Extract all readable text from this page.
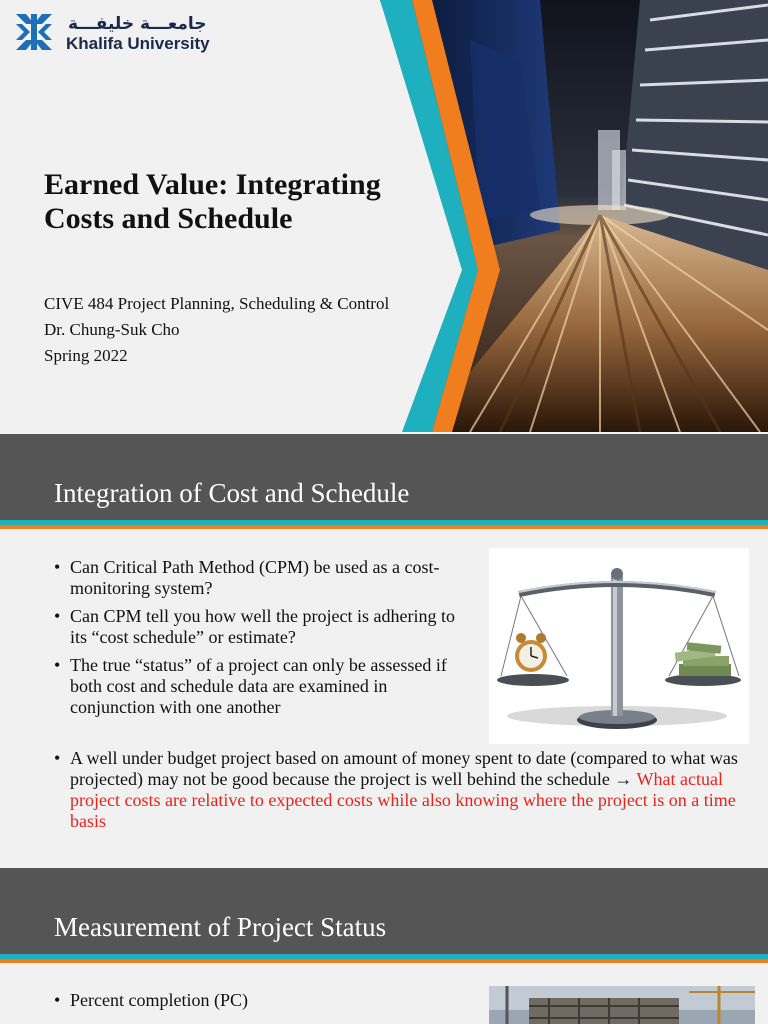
جامعـــة خليفـــة
Khalifa University
Earned Value: Integrating Costs and Schedule
CIVE 484 Project Planning, Scheduling & Control
Dr. Chung-Suk Cho
Spring 2022
Integration of Cost and Schedule
• Can Critical Path Method (CPM) be used as a cost-monitoring system?
• Can CPM tell you how well the project is adhering to its “cost schedule” or estimate?
• The true “status” of a project can only be assessed if both cost and schedule data are examined in conjunction with one another
• A well under budget project based on amount of money spent to date (compared to what was projected) may not be good because the project is well behind the schedule → What actual project costs are relative to expected costs while also knowing where the project is on a time basis
Measurement of Project Status
• Percent completion (PC)
